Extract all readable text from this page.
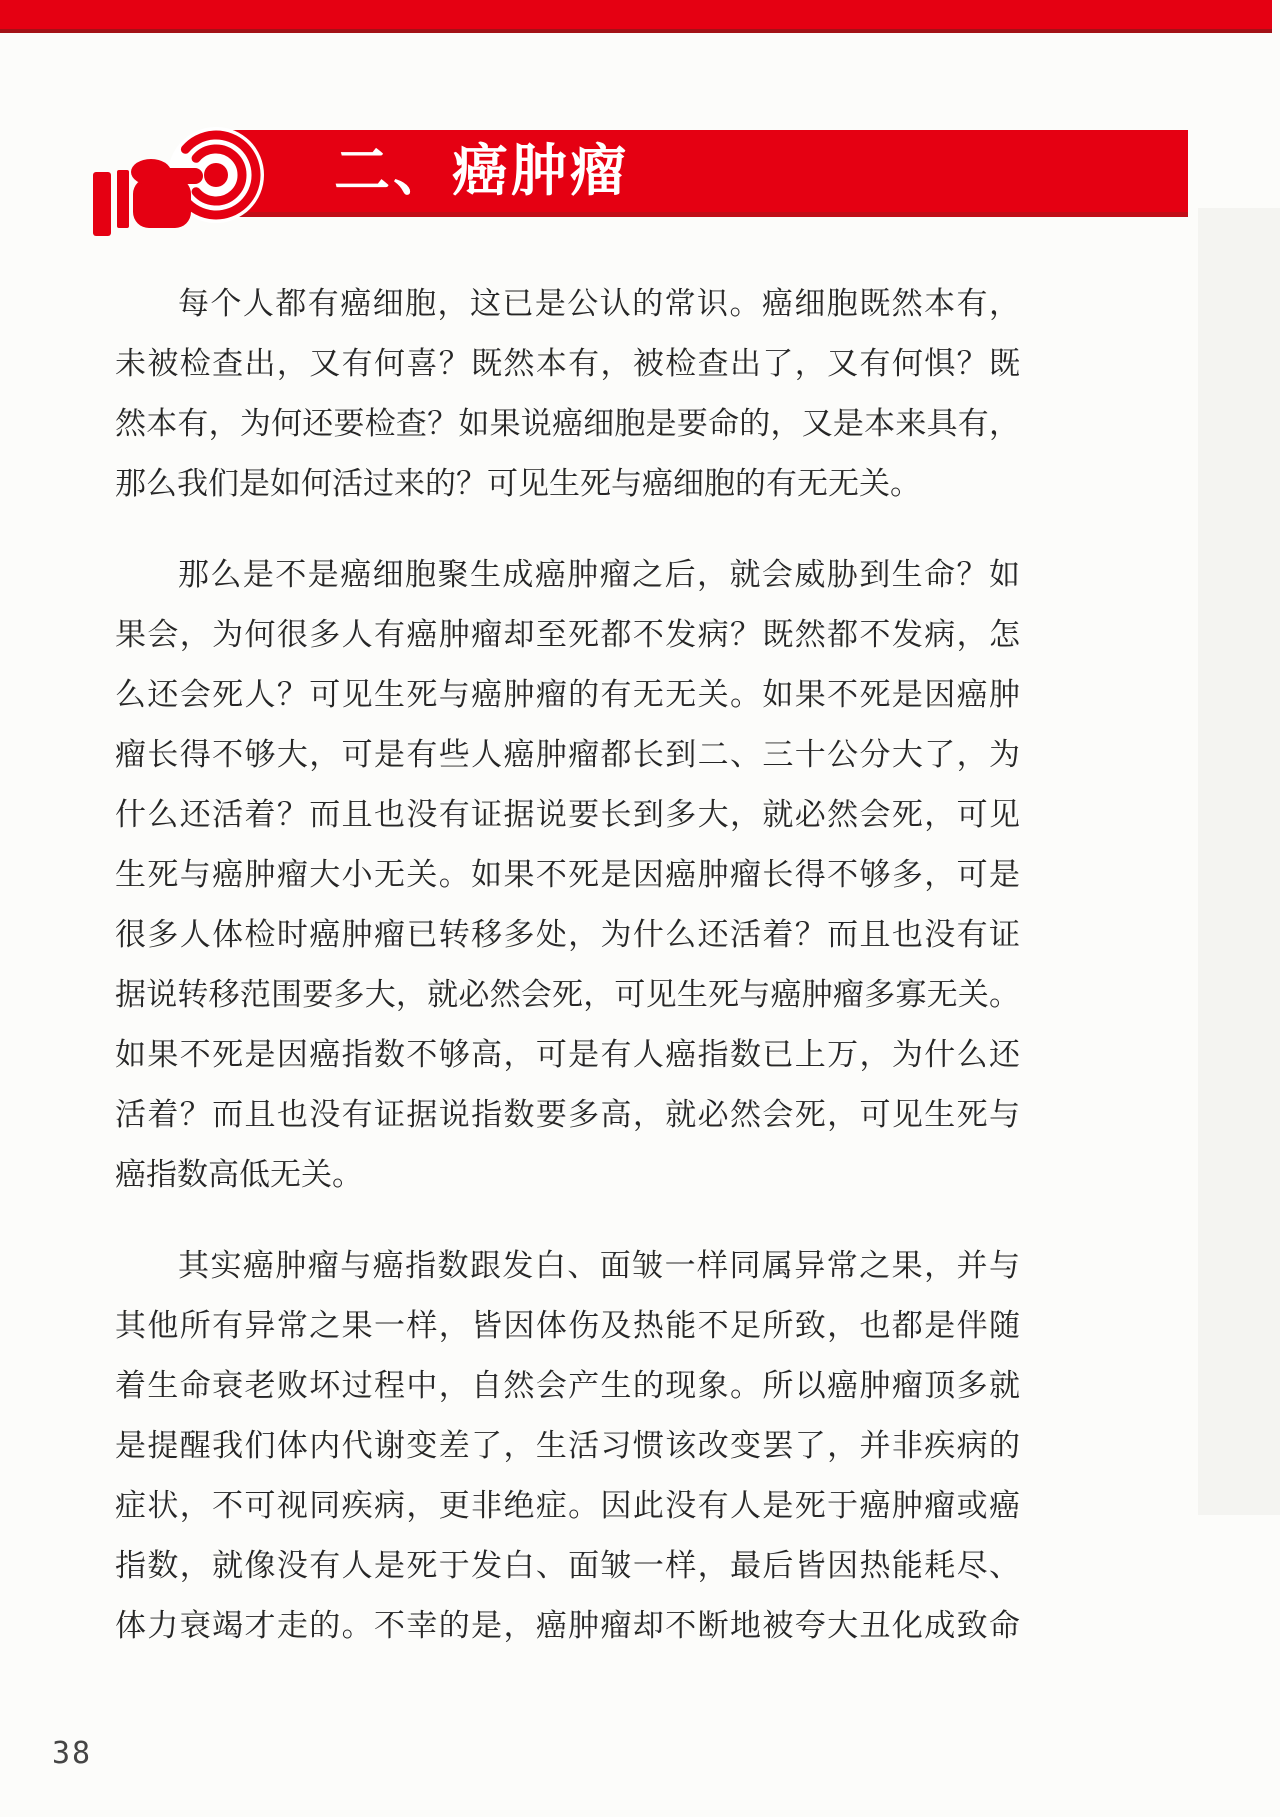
二、癌肿瘤
每个人都有癌细胞，这已是公认的常识。癌细胞既然本有，
未被检查出，又有何喜？既然本有，被检查出了，又有何惧？既
然本有，为何还要检查？如果说癌细胞是要命的，又是本来具有，
那么我们是如何活过来的？可见生死与癌细胞的有无无关。
那么是不是癌细胞聚生成癌肿瘤之后，就会威胁到生命？如
果会，为何很多人有癌肿瘤却至死都不发病？既然都不发病，怎
么还会死人？可见生死与癌肿瘤的有无无关。如果不死是因癌肿
瘤长得不够大，可是有些人癌肿瘤都长到二、三十公分大了，为
什么还活着？而且也没有证据说要长到多大，就必然会死，可见
生死与癌肿瘤大小无关。如果不死是因癌肿瘤长得不够多，可是
很多人体检时癌肿瘤已转移多处，为什么还活着？而且也没有证
据说转移范围要多大，就必然会死，可见生死与癌肿瘤多寡无关。
如果不死是因癌指数不够高，可是有人癌指数已上万，为什么还
活着？而且也没有证据说指数要多高，就必然会死，可见生死与
癌指数高低无关。
其实癌肿瘤与癌指数跟发白、面皱一样同属异常之果，并与
其他所有异常之果一样，皆因体伤及热能不足所致，也都是伴随
着生命衰老败坏过程中，自然会产生的现象。所以癌肿瘤顶多就
是提醒我们体内代谢变差了，生活习惯该改变罢了，并非疾病的
症状，不可视同疾病，更非绝症。因此没有人是死于癌肿瘤或癌
指数，就像没有人是死于发白、面皱一样，最后皆因热能耗尽、
体力衰竭才走的。不幸的是，癌肿瘤却不断地被夸大丑化成致命
38
